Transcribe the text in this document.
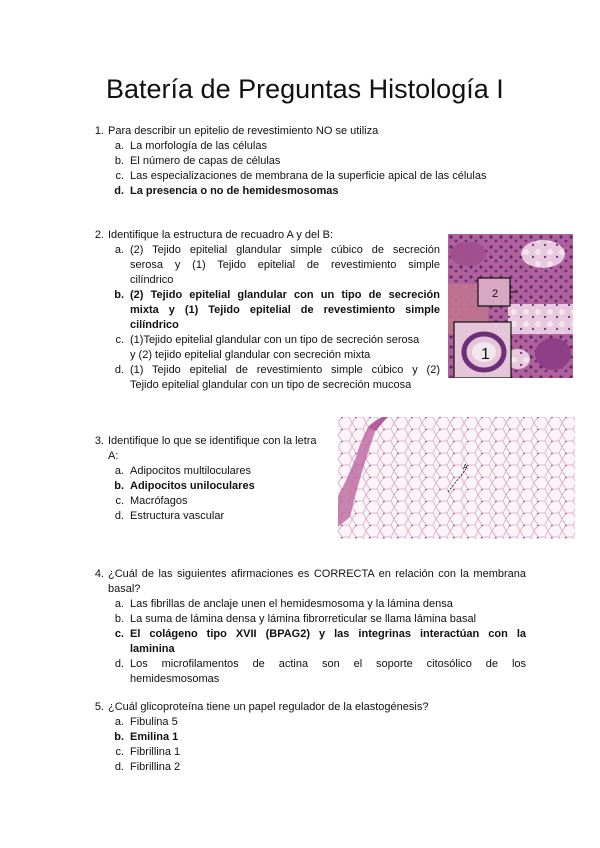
Batería de Preguntas Histología I
1. Para describir un epitelio de revestimiento NO se utiliza
a. La morfología de las células
b. El número de capas de células
c. Las especializaciones de membrana de la superficie apical de las células
d. La presencia o no de hemidesmosomas
2. Identifique la estructura de recuadro A y del B:
a. (2) Tejido epitelial glandular simple cúbico de secreción
serosa y (1) Tejido epitelial de revestimiento simple
cilíndrico
b. (2) Tejido epitelial glandular con un tipo de secreción
mixta y (1) Tejido epitelial de revestimiento simple
cilíndrico
c. (1)Tejido epitelial glandular con un tipo de secreción serosa
y (2) tejido epitelial glandular con secreción mixta
d. (1) Tejido epitelial de revestimiento simple cúbico y (2)
Tejido epitelial glandular con un tipo de secreción mucosa
2
1
3. Identifique lo que se identifique con la letra
A:
a. Adipocitos multiloculares
b. Adipocitos uniloculares
c. Macrófagos
d. Estructura vascular
A
4. ¿Cuál de las siguientes afirmaciones es CORRECTA en relación con la membrana
basal?
a. Las fibrillas de anclaje unen el hemidesmosoma y la lámina densa
b. La suma de lámina densa y lámina fibrorreticular se llama lámina basal
c. El colágeno tipo XVII (BPAG2) y las integrinas interactúan con la
laminina
d. Los microfilamentos de actina son el soporte citosólico de los
hemidesmosomas
5. ¿Cuál glicoproteína tiene un papel regulador de la elastogénesis?
a. Fibulina 5
b. Emilina 1
c. Fibrillina 1
d. Fibrillina 2
